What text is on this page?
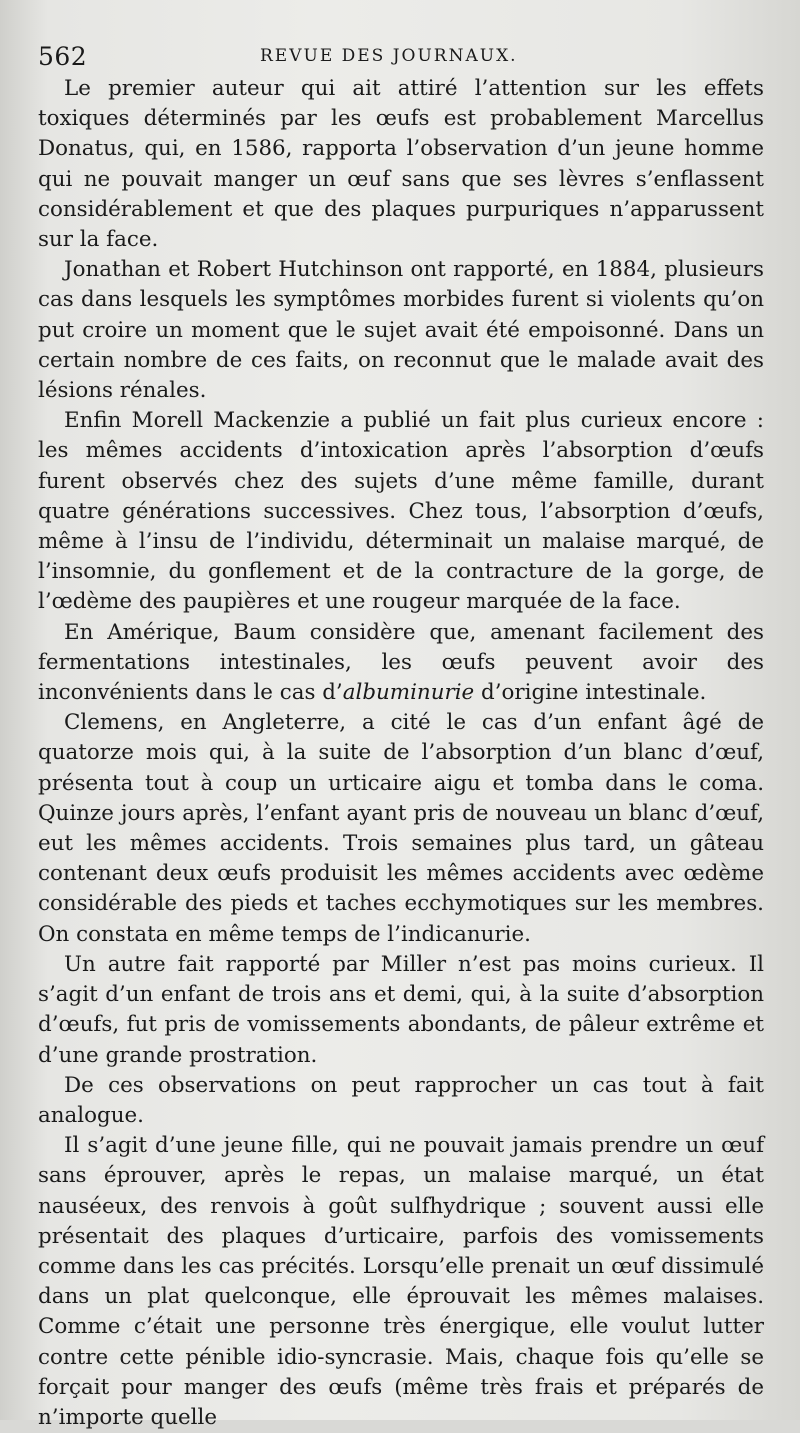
562	REVUE DES JOURNAUX.

Le premier auteur qui ait attiré l’attention sur les effets toxiques déterminés par les œufs est probablement Marcellus Donatus, qui, en 1586, rapporta l’observation d’un jeune homme qui ne pouvait manger un œuf sans que ses lèvres s’enflassent considérablement et que des plaques purpuriques n’apparussent sur la face.

Jonathan et Robert Hutchinson ont rapporté, en 1884, plusieurs cas dans lesquels les symptômes morbides furent si violents qu’on put croire un moment que le sujet avait été empoisonné. Dans un certain nombre de ces faits, on reconnut que le malade avait des lésions rénales.

Enfin Morell Mackenzie a publié un fait plus curieux encore : les mêmes accidents d’intoxication après l’absorption d’œufs furent observés chez des sujets d’une même famille, durant quatre générations successives. Chez tous, l’absorption d’œufs, même à l’insu de l’individu, déterminait un malaise marqué, de l’insomnie, du gonflement et de la contracture de la gorge, de l’œdème des paupières et une rougeur marquée de la face.

En Amérique, Baum considère que, amenant facilement des fermentations intestinales, les œufs peuvent avoir des inconvénients dans le cas d’albuminurie d’origine intestinale.

Clemens, en Angleterre, a cité le cas d’un enfant âgé de quatorze mois qui, à la suite de l’absorption d’un blanc d’œuf, présenta tout à coup un urticaire aigu et tomba dans le coma. Quinze jours après, l’enfant ayant pris de nouveau un blanc d’œuf, eut les mêmes accidents. Trois semaines plus tard, un gâteau contenant deux œufs produisit les mêmes accidents avec œdème considérable des pieds et taches ecchymotiques sur les membres. On constata en même temps de l’indicanurie.

Un autre fait rapporté par Miller n’est pas moins curieux. Il s’agit d’un enfant de trois ans et demi, qui, à la suite d’absorption d’œufs, fut pris de vomissements abondants, de pâleur extrême et d’une grande prostration.

De ces observations on peut rapprocher un cas tout à fait analogue.

Il s’agit d’une jeune fille, qui ne pouvait jamais prendre un œuf sans éprouver, après le repas, un malaise marqué, un état nauséeux, des renvois à goût sulfhydrique ; souvent aussi elle présentait des plaques d’urticaire, parfois des vomissements comme dans les cas précités. Lorsqu’elle prenait un œuf dissimulé dans un plat quelconque, elle éprouvait les mêmes malaises. Comme c’était une personne très énergique, elle voulut lutter contre cette pénible idio-syncrasie. Mais, chaque fois qu’elle se forçait pour manger des œufs (même très frais et préparés de n’importe quelle
